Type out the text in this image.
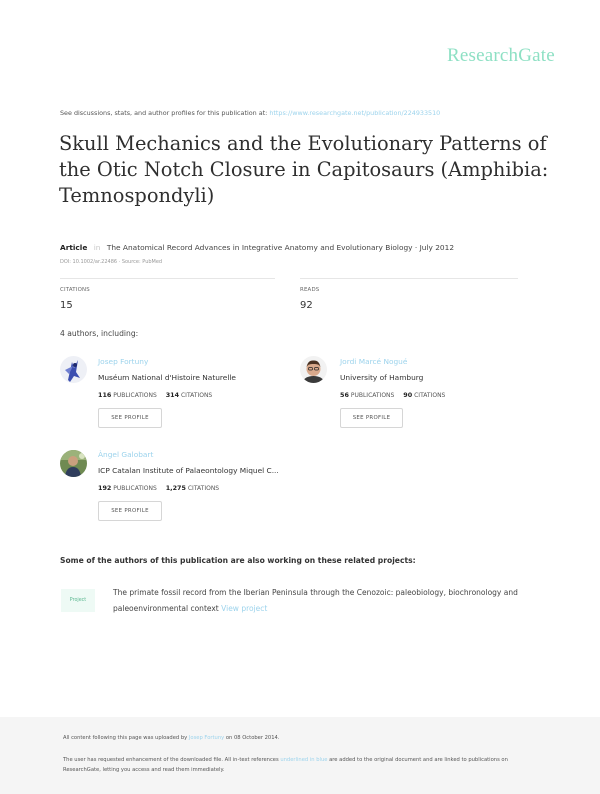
ResearchGate
See discussions, stats, and author profiles for this publication at: https://www.researchgate.net/publication/224933510
Skull Mechanics and the Evolutionary Patterns of the Otic Notch Closure in Capitosaurs (Amphibia: Temnospondyli)
Article in The Anatomical Record Advances in Integrative Anatomy and Evolutionary Biology · July 2012
DOI: 10.1002/ar.22486 · Source: PubMed
CITATIONS
15
READS
92
4 authors, including:
Josep Fortuny
Muséum National d'Histoire Naturelle
116 PUBLICATIONS 314 CITATIONS
SEE PROFILE
Jordi Marcé Nogué
University of Hamburg
56 PUBLICATIONS 90 CITATIONS
SEE PROFILE
Àngel Galobart
ICP Catalan Institute of Palaeontology Miquel C...
192 PUBLICATIONS 1,275 CITATIONS
SEE PROFILE
Some of the authors of this publication are also working on these related projects:
Project
The primate fossil record from the Iberian Peninsula through the Cenozoic: paleobiology, biochronology and paleoenvironmental context View project
All content following this page was uploaded by Josep Fortuny on 08 October 2014.
The user has requested enhancement of the downloaded file. All in-text references underlined in blue are added to the original document and are linked to publications on ResearchGate, letting you access and read them immediately.
